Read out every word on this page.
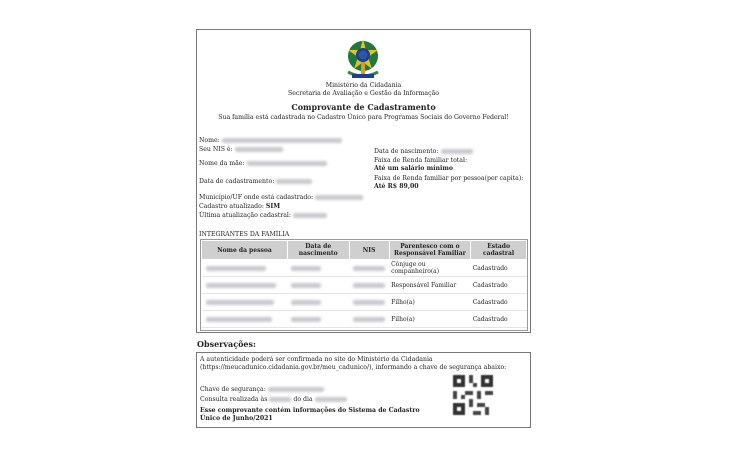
Ministério da Cidadania
Secretaria de Avaliação e Gestão da Informação
Comprovante de Cadastramento
Sua família está cadastrada no Cadastro Único para Programas Sociais do Governo Federal!
Nome:
Seu NIS é:
Nome da mãe:
Data de cadastramento:
Município/UF onde está cadastrado:
Cadastro atualizado: SIM
Última atualização cadastral:
Data de nascimento:
Faixa de Renda familiar total:
Até um salário mínimo
Faixa de Renda familiar por pessoa(per capita):
Até R$ 89,00
INTEGRANTES DA FAMÍLIA
Nome da pessoa	Data de nascimento	NIS	Parentesco com o Responsável Familiar	Estado cadastral
			Cônjuge ou companheiro(a)	Cadastrado
			Responsável Familiar	Cadastrado
			Filho(a)	Cadastrado
			Filho(a)	Cadastrado
Observações:
A autenticidade poderá ser confirmada no site do Ministério da Cidadania
(https://meucadunico.cidadania.gov.br/meu_cadunico/), informando a chave de segurança abaixo:
Chave de segurança:
Consulta realizada às	do dia
Esse comprovante contém informações do Sistema de Cadastro
Único de Junho/2021
